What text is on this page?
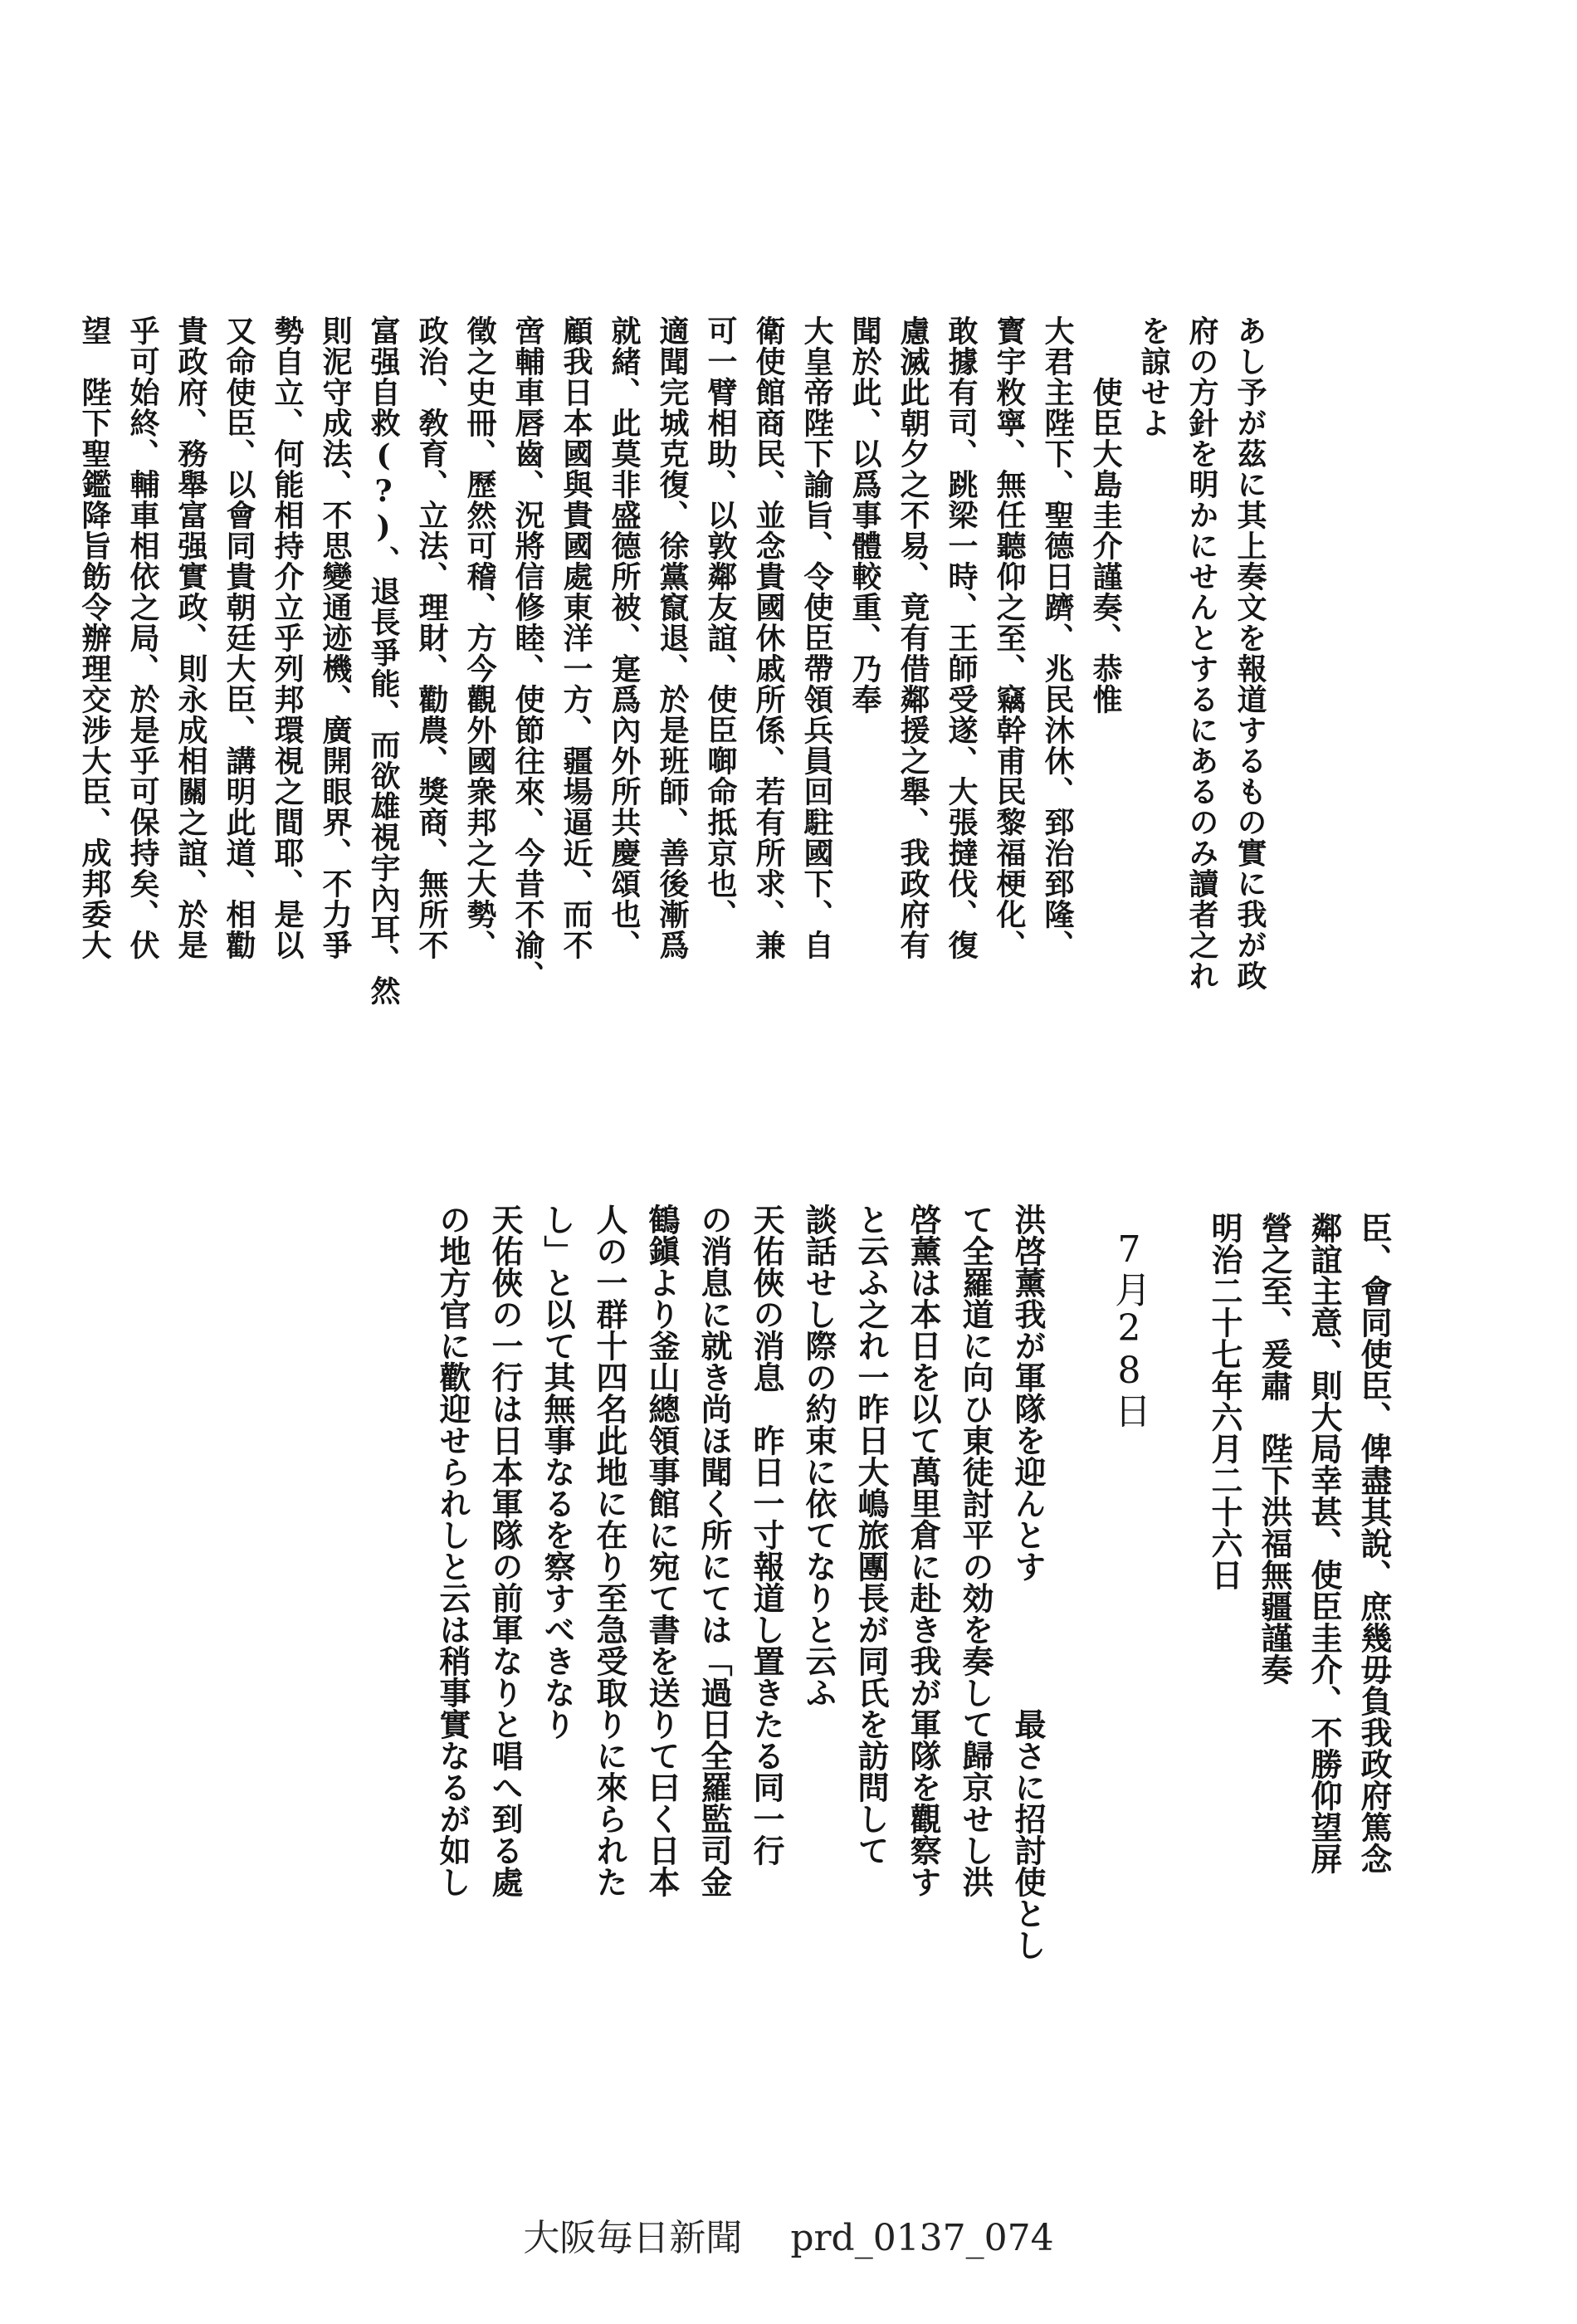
あし予が茲に其上奏文を報道するもの實に我が政
府の方針を明かにせんとするにあるのみ讀者之れ
を諒せよ
　　使臣大島圭介謹奏、恭惟
大君主陛下、聖德日躋、兆民沐休、郅治郅隆、
寳宇敉寧、無任聽仰之至、竊幹甫民黎福梗化、
敢據有司、跳梁一時、王師受遂、大張撻伐、復
慮滅此朝夕之不易、竟有借鄰援之舉、我政府有
聞於此、以爲事體較重、乃奉
大皇帝陛下諭旨、令使臣帶領兵員回駐國下、自
衛使館商民、並念貴國休戚所係、若有所求、兼
可一臂相助、以敦鄰友誼、使臣啣命抵京也、
適聞完城克復、徐黨竄退、於是班師、善後漸爲
就緒、此莫非盛德所被、寔爲內外所共慶頌也、
顧我日本國與貴國處東洋一方、疆場逼近、而不
啻輔車唇齒、況將信修睦、使節往來、今昔不渝、
徵之史冊、歷然可稽、方今觀外國衆邦之大勢、
政治、敎育、立法、理財、勸農、獎商、無所不
富强自救(?)、退長爭能、而欲雄視宇內耳、然
則泥守成法、不思變通迹機、廣開眼界、不力爭
勢自立、何能相持介立乎列邦環視之間耶、是以
又命使臣、以會同貴朝廷大臣、講明此道、相勸
貴政府、務舉富强實政、則永成相關之誼、於是
乎可始終、輔車相依之局、於是乎可保持矣、伏
望　陛下聖鑑降旨飭令辦理交涉大臣、成邦委大
臣、會同使臣、俾盡其說、庶幾毋負我政府篤念
鄰誼主意、則大局幸甚、使臣圭介、不勝仰望屏
營之至、爰肅　陛下洪福無疆謹奏
明治二十七年六月二十六日
7月28日
洪啓薰我が軍隊を迎んとす　　　　最さに招討使とし
て全羅道に向ひ東徒討平の効を奏して歸京せし洪
啓薰は本日を以て萬里倉に赴き我が軍隊を觀察す
と云ふ之れ一昨日大嶋旅團長が同氏を訪問して
談話せし際の約束に依てなりと云ふ
天佑俠の消息　昨日一寸報道し置きたる同一行
の消息に就き尚ほ聞く所にては「過日全羅監司金
鶴鎭より釜山總領事館に宛て書を送りて曰く日本
人の一群十四名此地に在り至急受取りに來られた
し」と以て其無事なるを察すべきなり
天佑俠の一行は日本軍隊の前軍なりと唱へ到る處
の地方官に歡迎せられしと云は稍事實なるが如し
大阪毎日新聞 prd_0137_074
